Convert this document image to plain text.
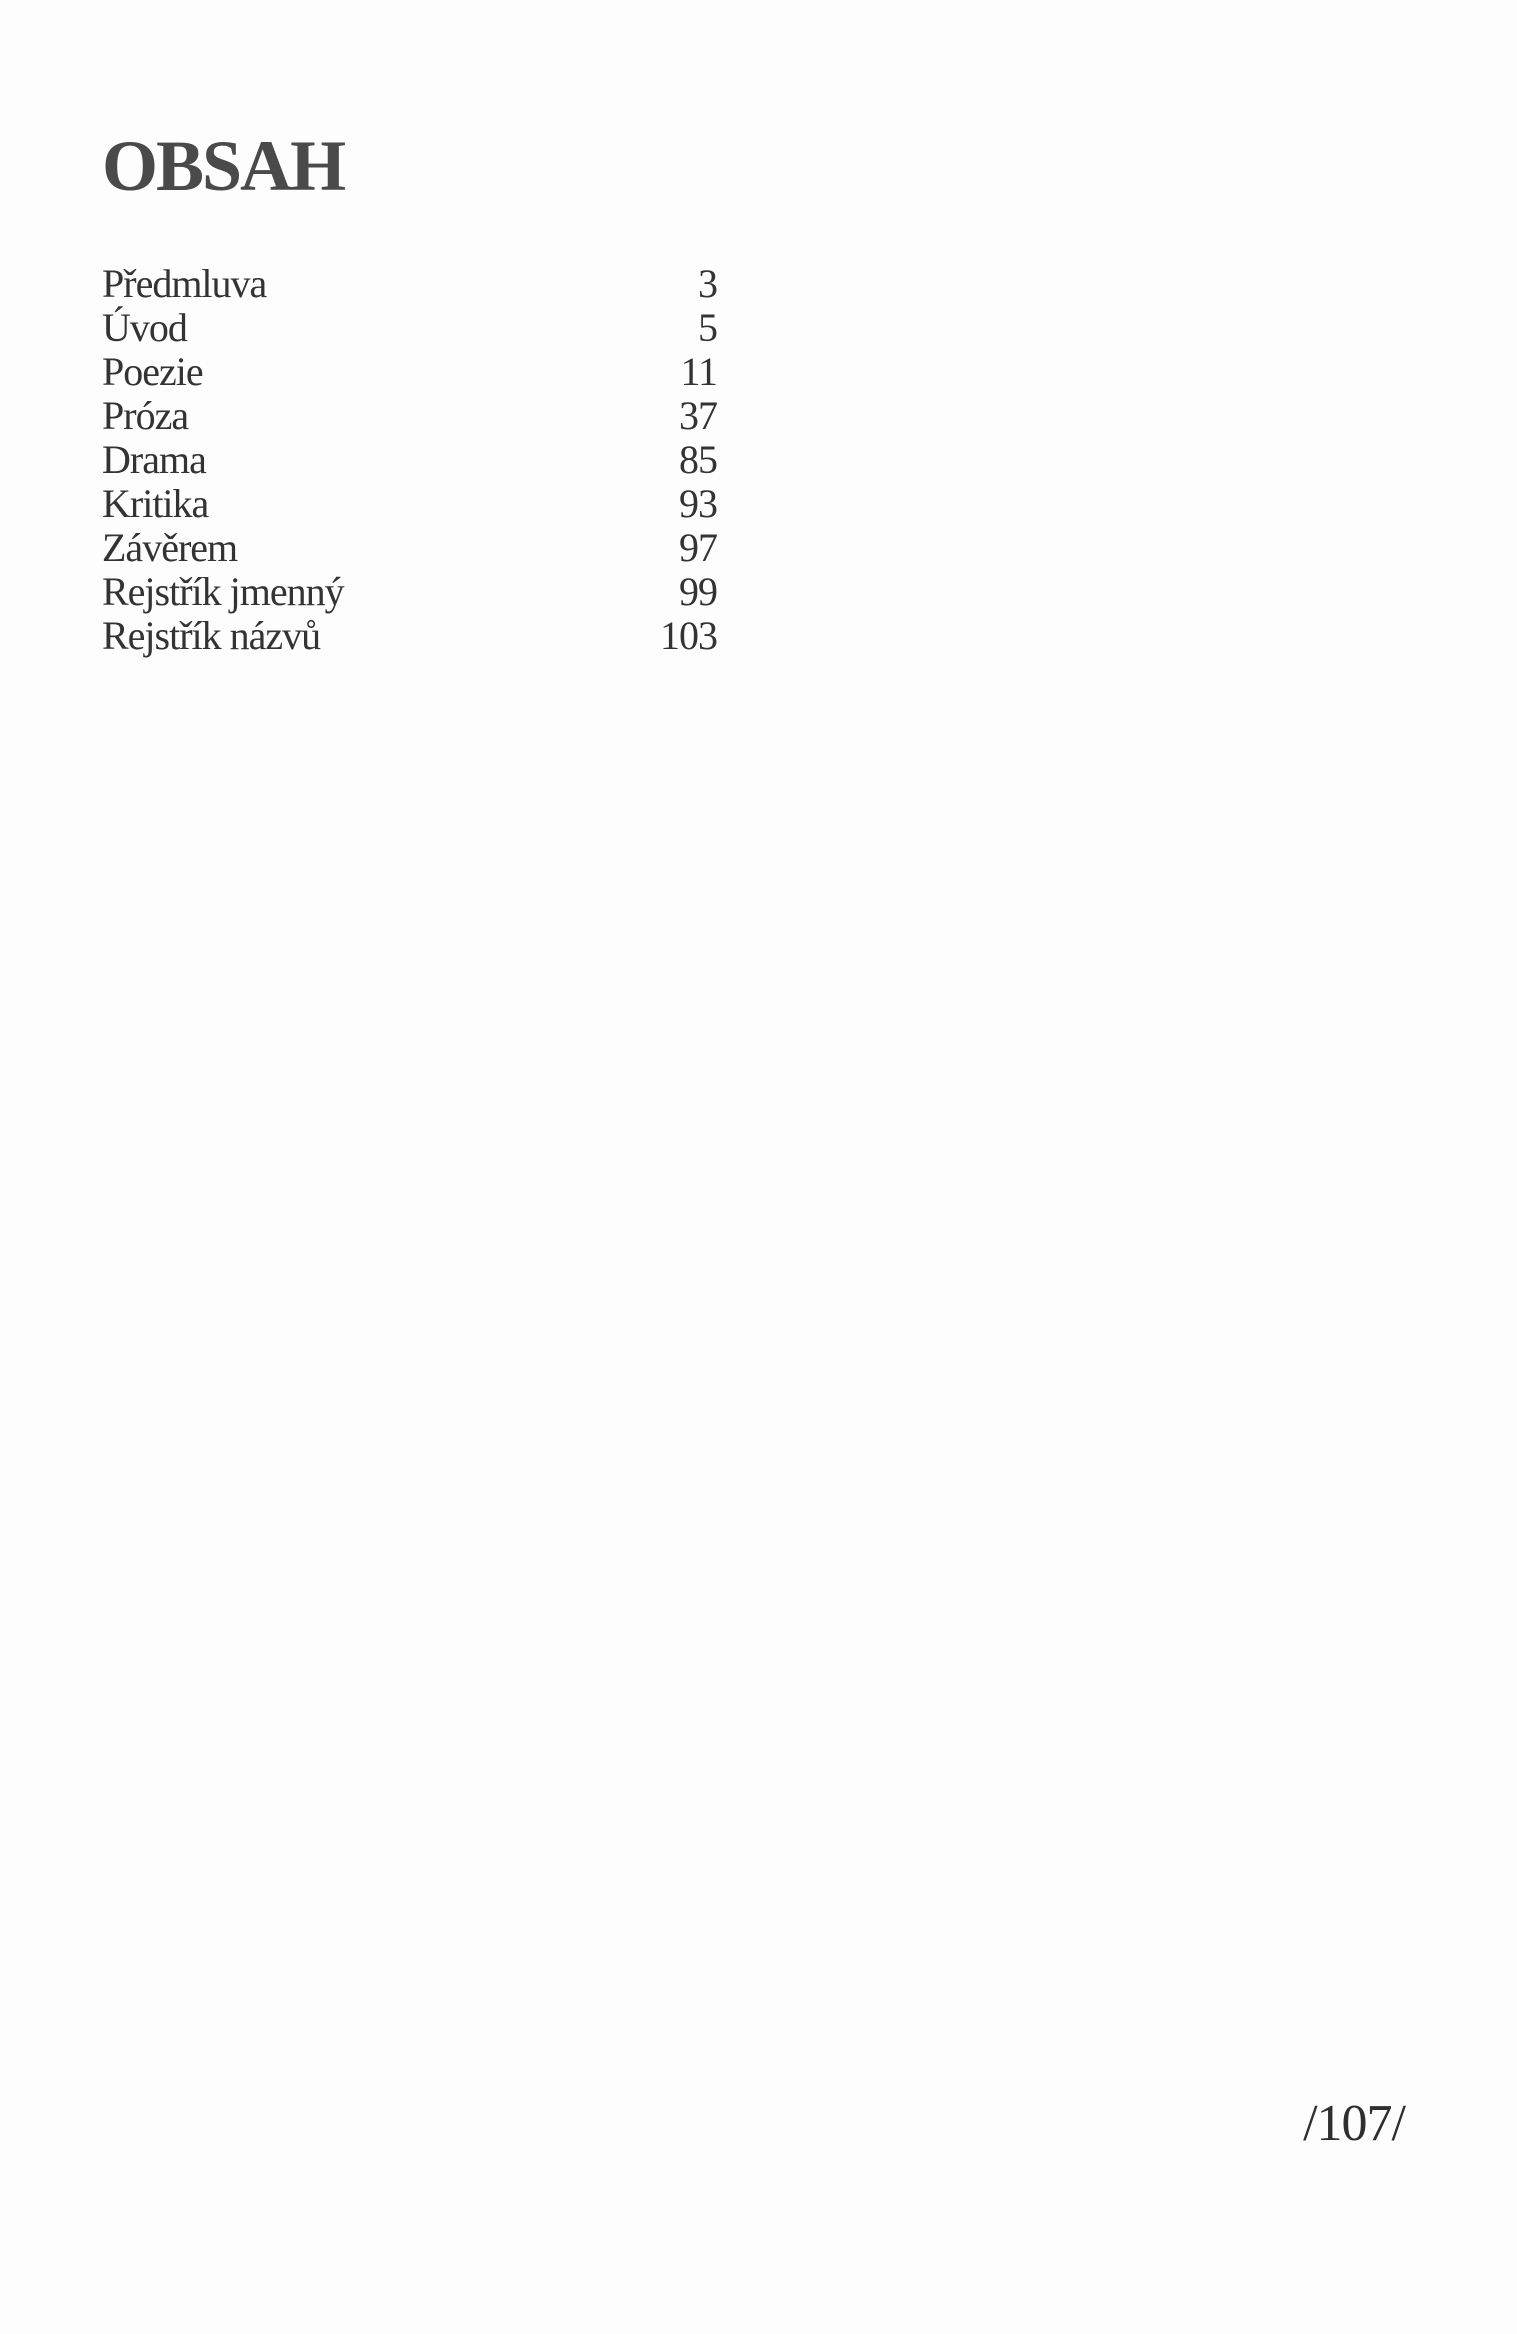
OBSAH
Předmluva	3
Úvod	5
Poezie	11
Próza	37
Drama	85
Kritika	93
Závěrem	97
Rejstřík jmenný	99
Rejstřík názvů	103
/107/
